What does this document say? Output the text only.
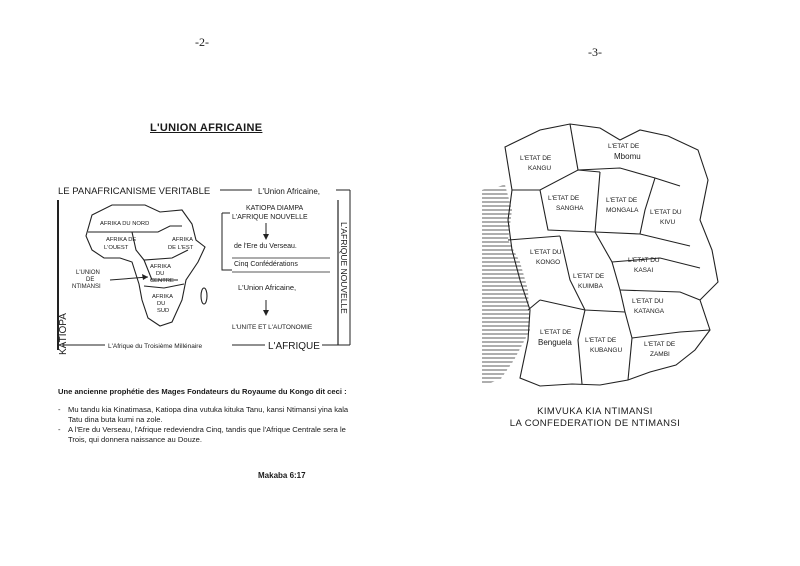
-2-
L'UNION AFRICAINE
LE PANAFRICANISME VERITABLE	L'Union Africaine,
L'Afrique du Troisième Millénaire	L'AFRIQUE
KATIOPA
L'AFRIQUE NOUVELLE
AFRIKA DU NORD
AFRIKA DE
L'OUEST
AFRIKA
DE L'EST
AFRIKA
DU
CENTRE
AFRIKA
DU
SUD
L'UNION
DE
NTIMANSI
KATIOPA DIAMPA
L'AFRIQUE NOUVELLE
de l'Ere du Verseau.
Cinq Confédérations
L'Union Africaine,
L'UNITE ET L'AUTONOMIE
Une ancienne prophétie des Mages Fondateurs du Royaume du Kongo dit ceci :
- Mu tandu kia Kinatimasa, Katiopa dina vutuka kituka Tanu, kansi Ntimansi yina kala Tatu dina buta kumi na zole.
- A l'Ere du Verseau, l'Afrique redeviendra Cinq, tandis que l'Afrique Centrale sera le Trois, qui donnera naissance au Douze.
Makaba 6:17
-3-
L'ETAT DE
KANGU
L'ETAT DE
Mbomu
L'ETAT DE
SANGHA
L'ETAT DE
MONGALA L'ETAT DU
KIVU
L'ETAT DU
KONGO
L'ETAT DE
KUIMBA
L'ETAT DU
KASAI
L'ETAT DU
KATANGA
L'ETAT DE
Benguela L'ETAT DE
KUBANGU
L'ETAT DE
ZAMBI
KIMVUKA KIA NTIMANSI
LA CONFEDERATION DE NTIMANSI
